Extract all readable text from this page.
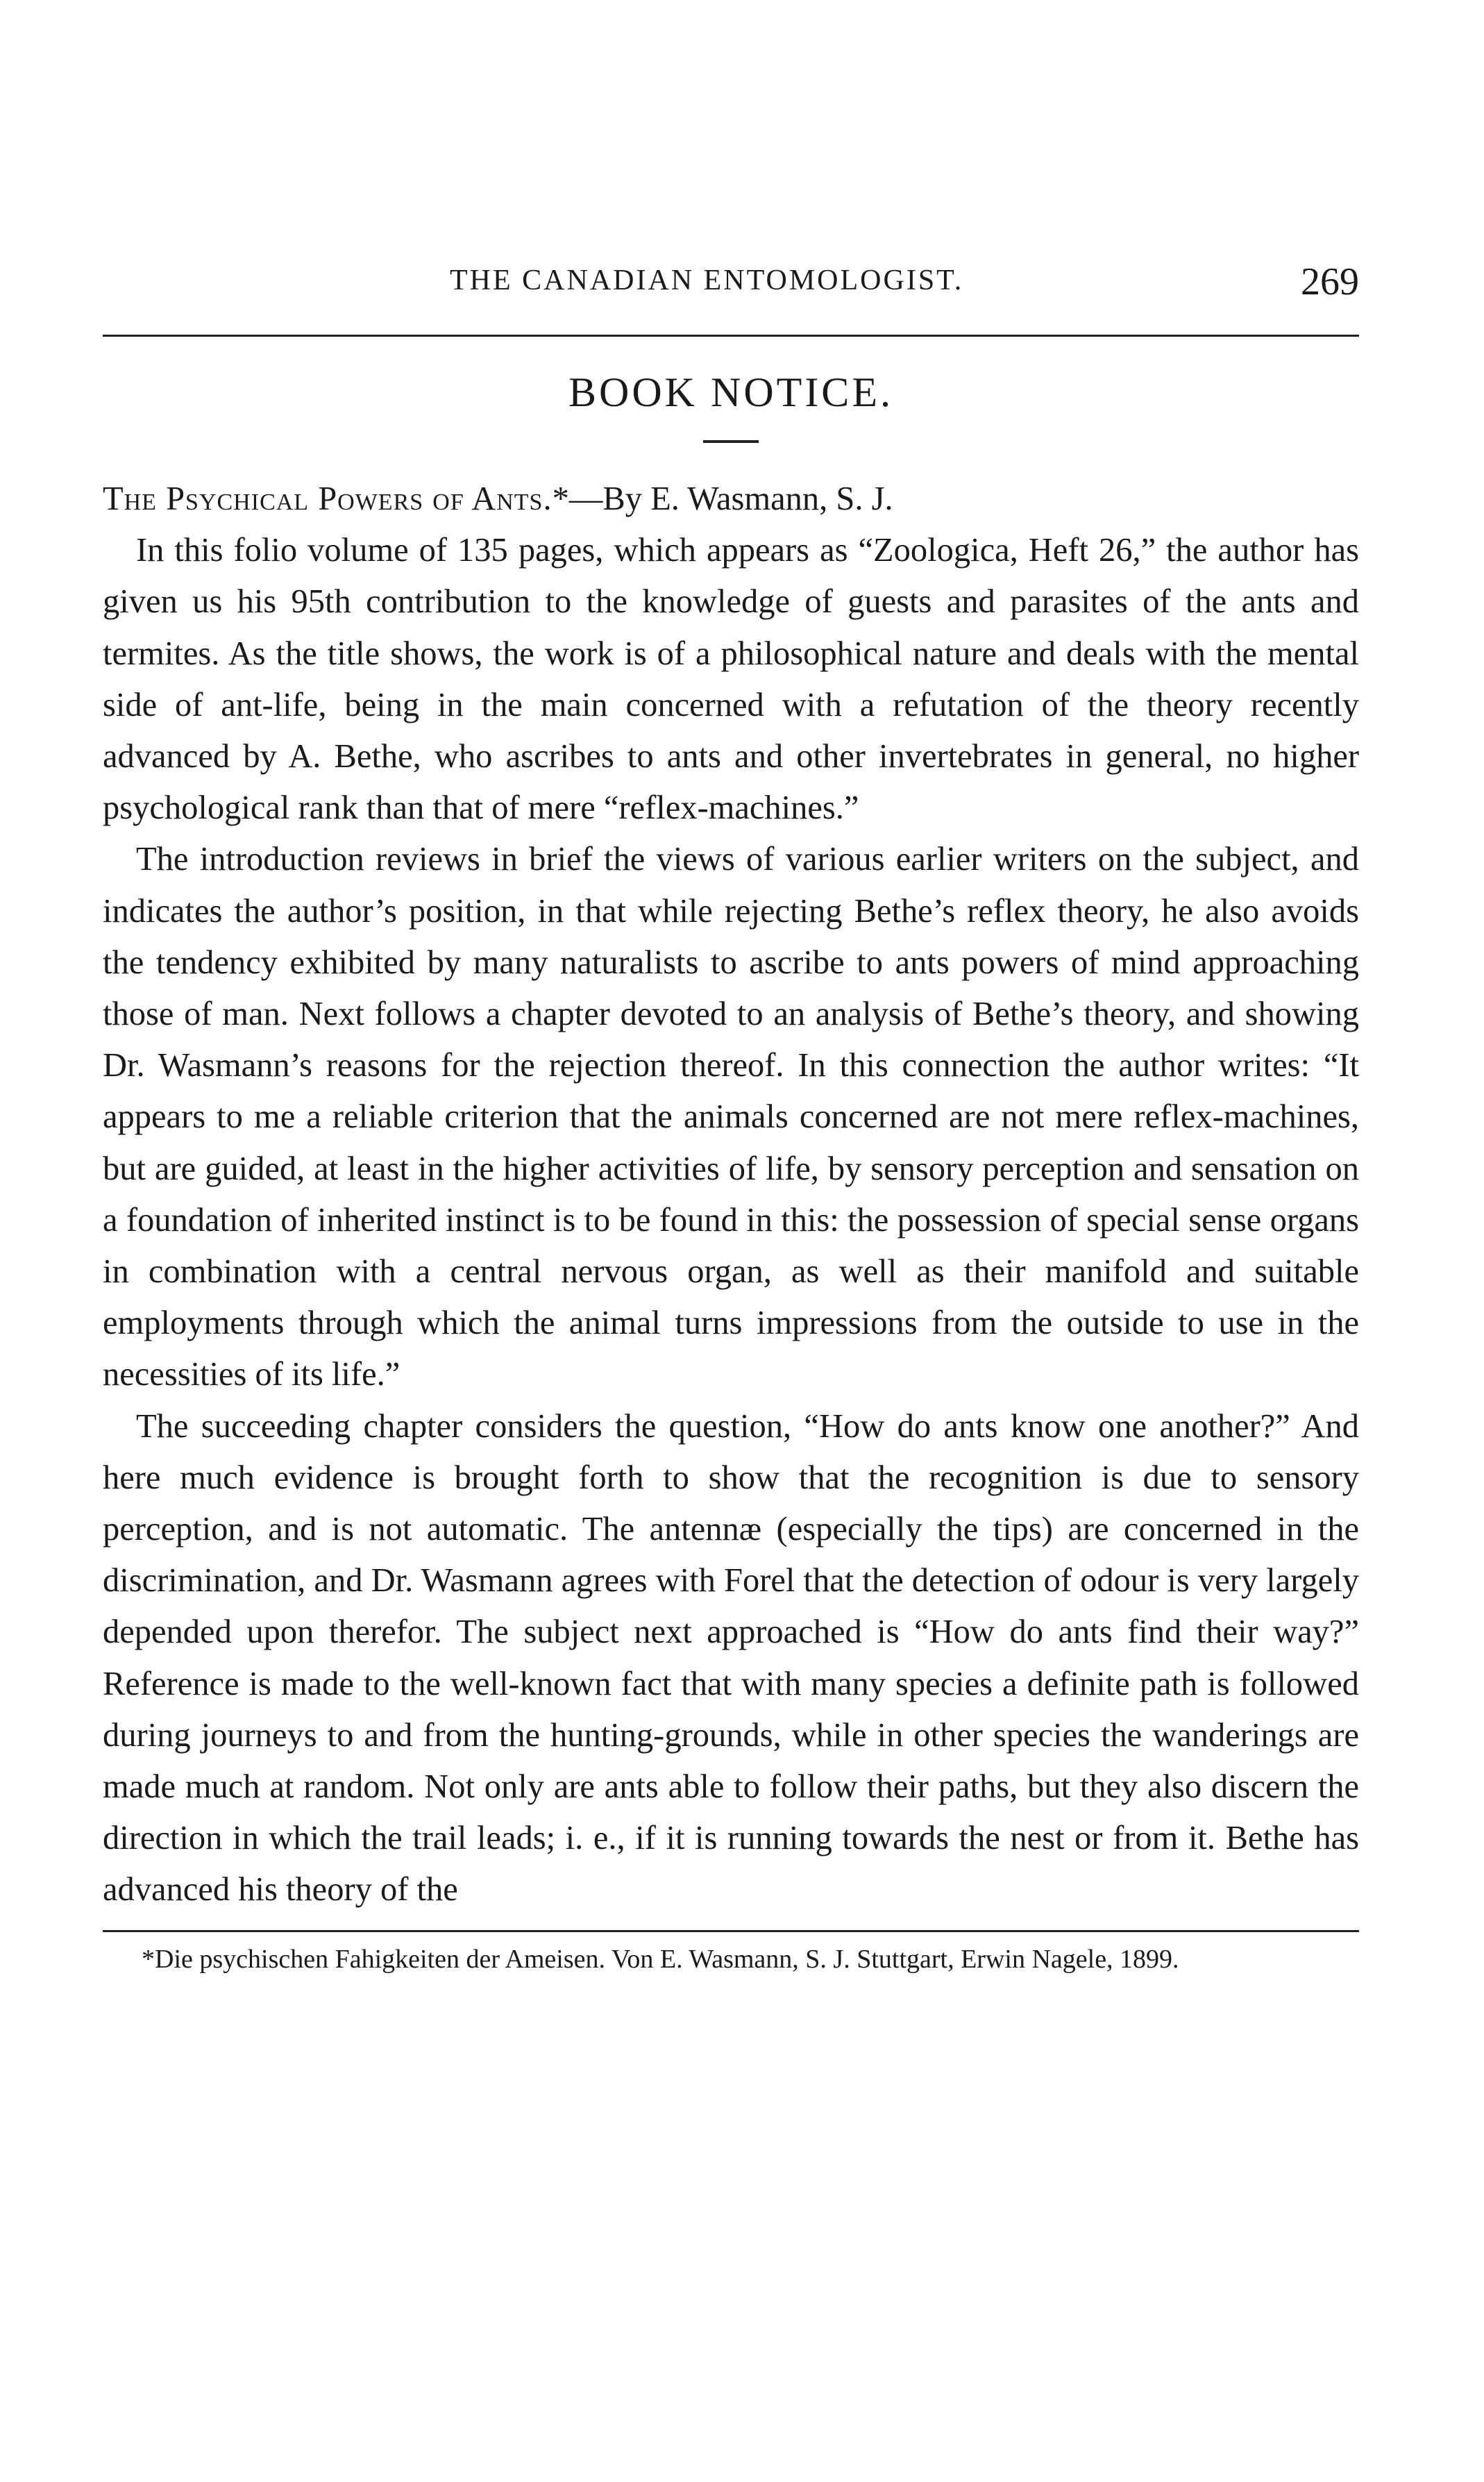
THE CANADIAN ENTOMOLOGIST.	269
BOOK NOTICE.

The Psychical Powers of Ants.*—By E. Wasmann, S. J.

In this folio volume of 135 pages, which appears as “Zoologica, Heft 26,” the author has given us his 95th contribution to the knowledge of guests and parasites of the ants and termites. As the title shows, the work is of a philosophical nature and deals with the mental side of ant-life, being in the main concerned with a refutation of the theory recently advanced by A. Bethe, who ascribes to ants and other invertebrates in general, no higher psychological rank than that of mere “reflex-machines.”

The introduction reviews in brief the views of various earlier writers on the subject, and indicates the author’s position, in that while rejecting Bethe’s reflex theory, he also avoids the tendency exhibited by many naturalists to ascribe to ants powers of mind approaching those of man. Next follows a chapter devoted to an analysis of Bethe’s theory, and showing Dr. Wasmann’s reasons for the rejection thereof. In this connection the author writes: “It appears to me a reliable criterion that the animals concerned are not mere reflex-machines, but are guided, at least in the higher activities of life, by sensory perception and sensation on a foundation of inherited instinct is to be found in this: the possession of special sense organs in combination with a central nervous organ, as well as their manifold and suitable employments through which the animal turns impressions from the outside to use in the necessities of its life.”

The succeeding chapter considers the question, “How do ants know one another?” And here much evidence is brought forth to show that the recognition is due to sensory perception, and is not automatic. The antennæ (especially the tips) are concerned in the discrimination, and Dr. Wasmann agrees with Forel that the detection of odour is very largely depended upon therefor. The subject next approached is “How do ants find their way?” Reference is made to the well-known fact that with many species a definite path is followed during journeys to and from the hunting-grounds, while in other species the wanderings are made much at random. Not only are ants able to follow their paths, but they also discern the direction in which the trail leads; i. e., if it is running towards the nest or from it. Bethe has advanced his theory of the

*Die psychischen Fahigkeiten der Ameisen. Von E. Wasmann, S. J. Stuttgart, Erwin Nagele, 1899.
